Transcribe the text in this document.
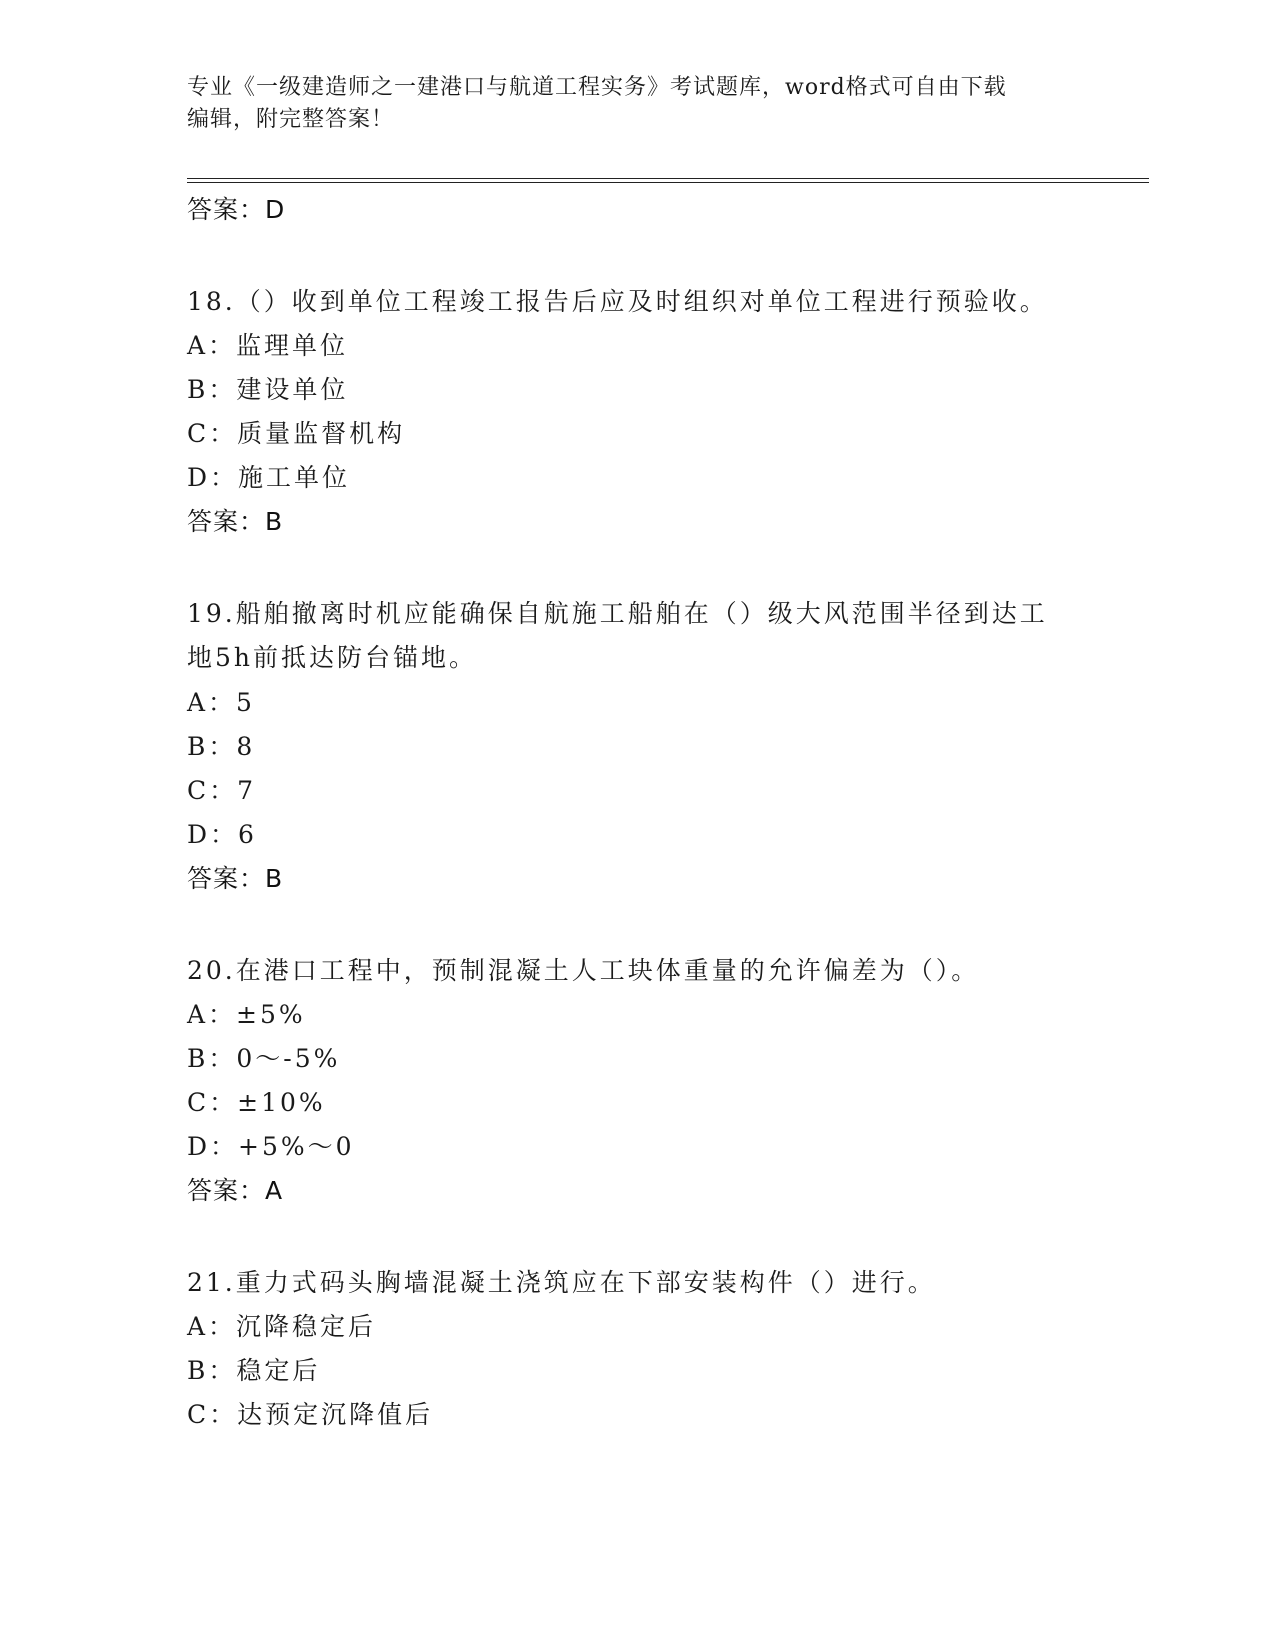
专业《一级建造师之一建港口与航道工程实务》考试题库，word格式可自由下载
编辑，附完整答案！
答案：D
18.（）收到单位工程竣工报告后应及时组织对单位工程进行预验收。
A：监理单位
B：建设单位
C：质量监督机构
D：施工单位
答案：B
19.船舶撤离时机应能确保自航施工船舶在（）级大风范围半径到达工
地5h前抵达防台锚地。
A：5
B：8
C：7
D：6
答案：B
20.在港口工程中，预制混凝土人工块体重量的允许偏差为（）。
A：±5%
B：0～-5%
C：±10%
D：+5%～0
答案：A
21.重力式码头胸墙混凝土浇筑应在下部安装构件（）进行。
A：沉降稳定后
B：稳定后
C：达预定沉降值后
